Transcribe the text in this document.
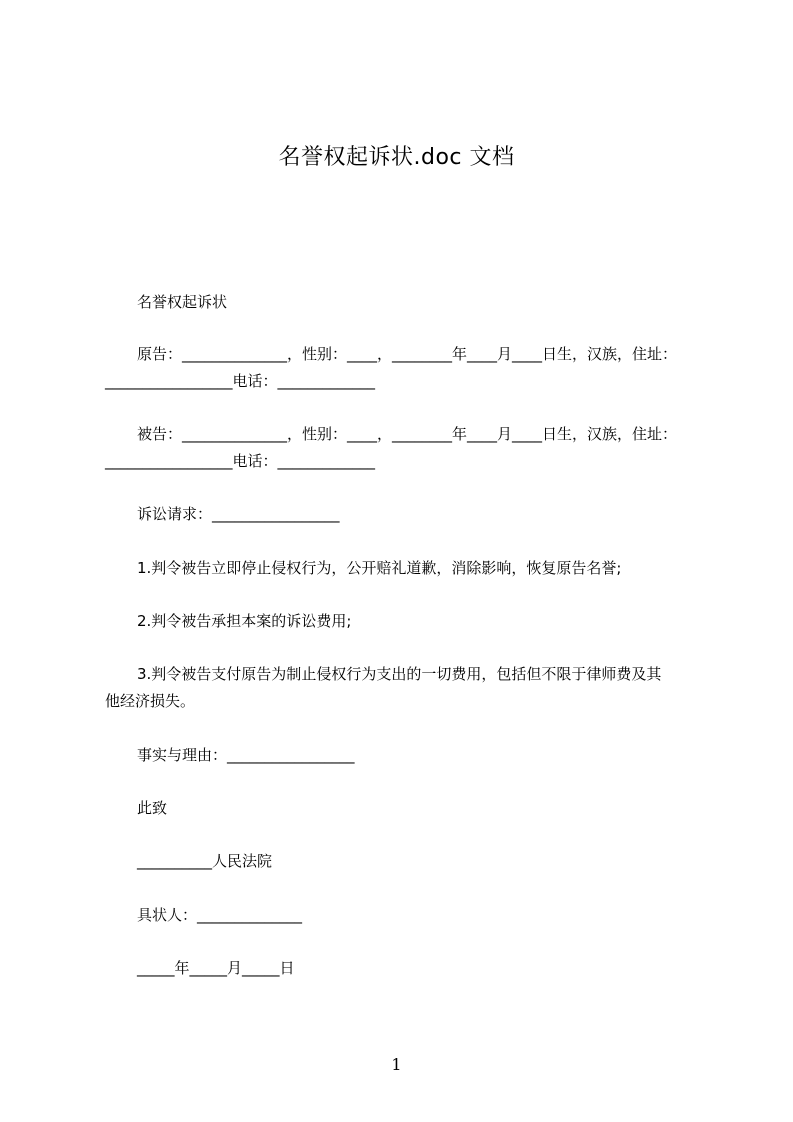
名誉权起诉状.doc 文档
名誉权起诉状
原告：______________，性别：____，________年____月____日生，汉族，住址：
_________________电话：_____________
被告：______________，性别：____，________年____月____日生，汉族，住址：
_________________电话：_____________
诉讼请求：_________________
1.判令被告立即停止侵权行为，公开赔礼道歉，消除影响，恢复原告名誉;
2.判令被告承担本案的诉讼费用;
3.判令被告支付原告为制止侵权行为支出的一切费用，包括但不限于律师费及其
他经济损失。
事实与理由：_________________
此致
__________人民法院
具状人：______________
_____年_____月_____日
1
